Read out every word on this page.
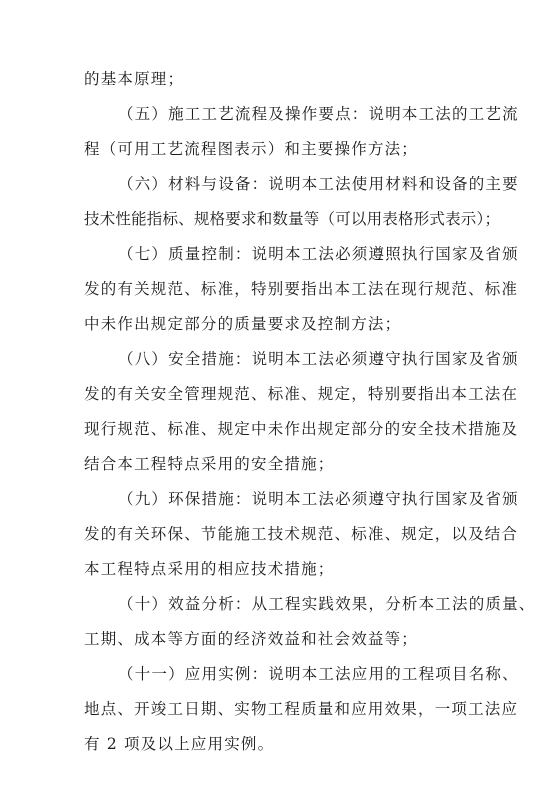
的基本原理；
（五）施工工艺流程及操作要点：说明本工法的工艺流
程（可用工艺流程图表示）和主要操作方法；
（六）材料与设备：说明本工法使用材料和设备的主要
技术性能指标、规格要求和数量等（可以用表格形式表示）；
（七）质量控制：说明本工法必须遵照执行国家及省颁
发的有关规范、标准，特别要指出本工法在现行规范、标准
中未作出规定部分的质量要求及控制方法；
（八）安全措施：说明本工法必须遵守执行国家及省颁
发的有关安全管理规范、标准、规定，特别要指出本工法在
现行规范、标准、规定中未作出规定部分的安全技术措施及
结合本工程特点采用的安全措施；
（九）环保措施：说明本工法必须遵守执行国家及省颁
发的有关环保、节能施工技术规范、标准、规定，以及结合
本工程特点采用的相应技术措施；
（十）效益分析：从工程实践效果，分析本工法的质量、
工期、成本等方面的经济效益和社会效益等；
（十一）应用实例：说明本工法应用的工程项目名称、
地点、开竣工日期、实物工程质量和应用效果，一项工法应
有 2 项及以上应用实例。
